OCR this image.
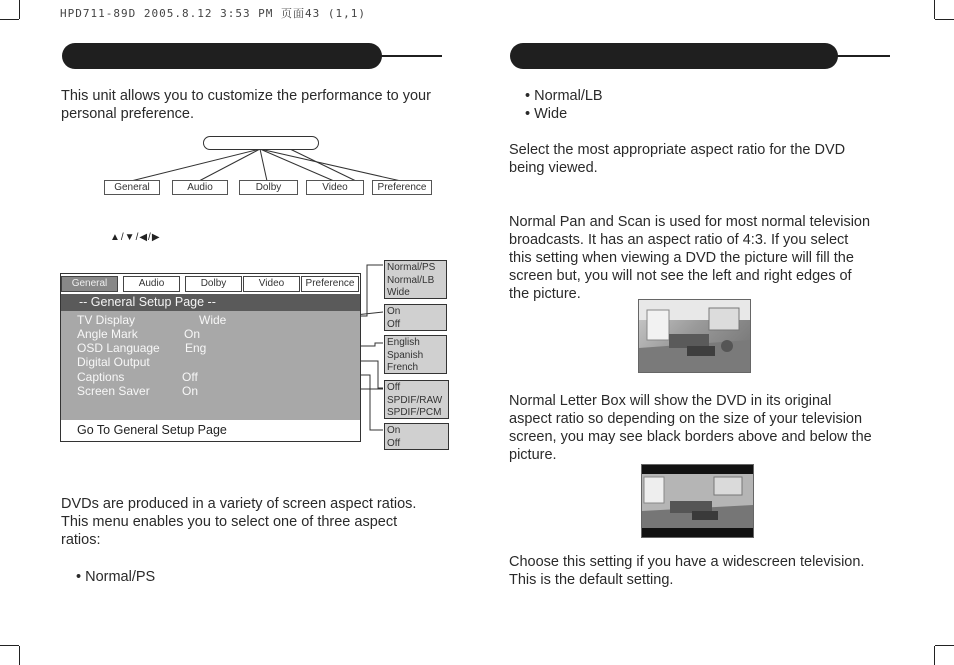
HPD711-89D 2005.8.12 3:53 PM 页面43 (1,1)
This unit allows you to customize the performance to your
personal preference.
General	Audio	Dolby	Video	Preference
▲/▼/◀/▶
General	Audio	Dolby	Video	Preference
-- General Setup Page --
TV Display	Wide
Angle Mark	On
OSD Language Eng
Digital Output
Captions	Off
Screen Saver	On
Go To General Setup Page
Normal/PS
Normal/LB
Wide
On
Off
English
Spanish
French
Off
SPDIF/RAW
SPDIF/PCM
On
Off
DVDs are produced in a variety of screen aspect ratios.
This menu enables you to select one of three aspect
ratios:
• Normal/PS
• Normal/LB
• Wide
Select the most appropriate aspect ratio for the DVD
being viewed.
Normal Pan and Scan is used for most normal television
broadcasts. It has an aspect ratio of 4:3. If you select
this setting when viewing a DVD the picture will fill the
screen but, you will not see the left and right edges of
the picture.
Normal Letter Box will show the DVD in its original
aspect ratio so depending on the size of your television
screen, you may see black borders above and below the
picture.
Choose this setting if you have a widescreen television.
This is the default setting.
